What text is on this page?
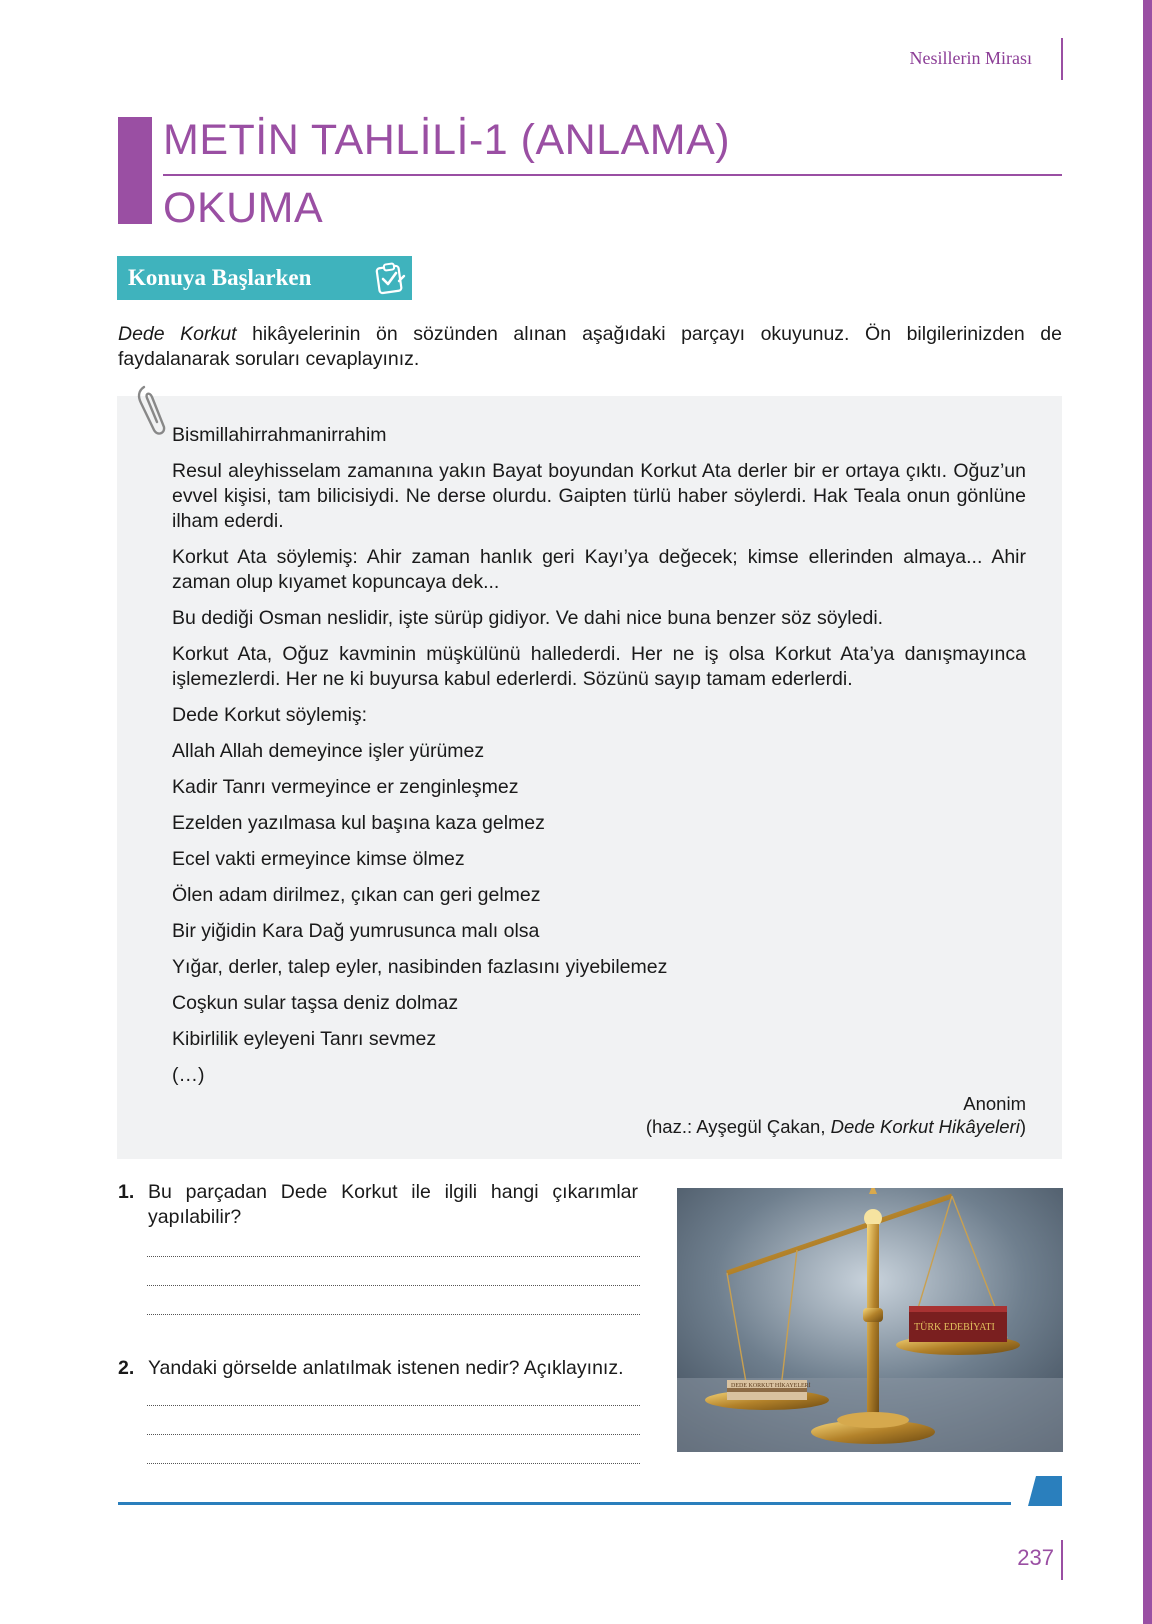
Nesillerin Mirası
METİN TAHLİLİ-1 (ANLAMA)
OKUMA
Konuya Başlarken
Dede Korkut hikâyelerinin ön sözünden alınan aşağıdaki parçayı okuyunuz. Ön bilgilerinizden de faydalanarak soruları cevaplayınız.

Bismillahirrahmanirrahim

Resul aleyhisselam zamanına yakın Bayat boyundan Korkut Ata derler bir er ortaya çıktı. Oğuz’un evvel kişisi, tam bilicisiydi. Ne derse olurdu. Gaipten türlü haber söylerdi. Hak Teala onun gönlüne ilham ederdi.

Korkut Ata söylemiş: Ahir zaman hanlık geri Kayı’ya değecek; kimse ellerinden almaya... Ahir zaman olup kıyamet kopuncaya dek...

Bu dediği Osman neslidir, işte sürüp gidiyor. Ve dahi nice buna benzer söz söyledi.

Korkut Ata, Oğuz kavminin müşkülünü hallederdi. Her ne iş olsa Korkut Ata’ya danışmayınca işlemezlerdi. Her ne ki buyursa kabul ederlerdi. Sözünü sayıp tamam ederlerdi.

Dede Korkut söylemiş:

Allah Allah demeyince işler yürümez

Kadir Tanrı vermeyince er zenginleşmez

Ezelden yazılmasa kul başına kaza gelmez

Ecel vakti ermeyince kimse ölmez

Ölen adam dirilmez, çıkan can geri gelmez

Bir yiğidin Kara Dağ yumrusunca malı olsa

Yığar, derler, talep eyler, nasibinden fazlasını yiyebilemez

Coşkun sular taşsa deniz dolmaz

Kibirlilik eyleyeni Tanrı sevmez

(…)

Anonim
(haz.: Ayşegül Çakan, Dede Korkut Hikâyeleri)
1. Bu parçadan Dede Korkut ile ilgili hangi çıkarımlar yapılabilir?
2. Yandaki görselde anlatılmak istenen nedir? Açıklayınız.
TÜRK EDEBİYATI
DEDE KORKUT HİKAYELERİ
237
